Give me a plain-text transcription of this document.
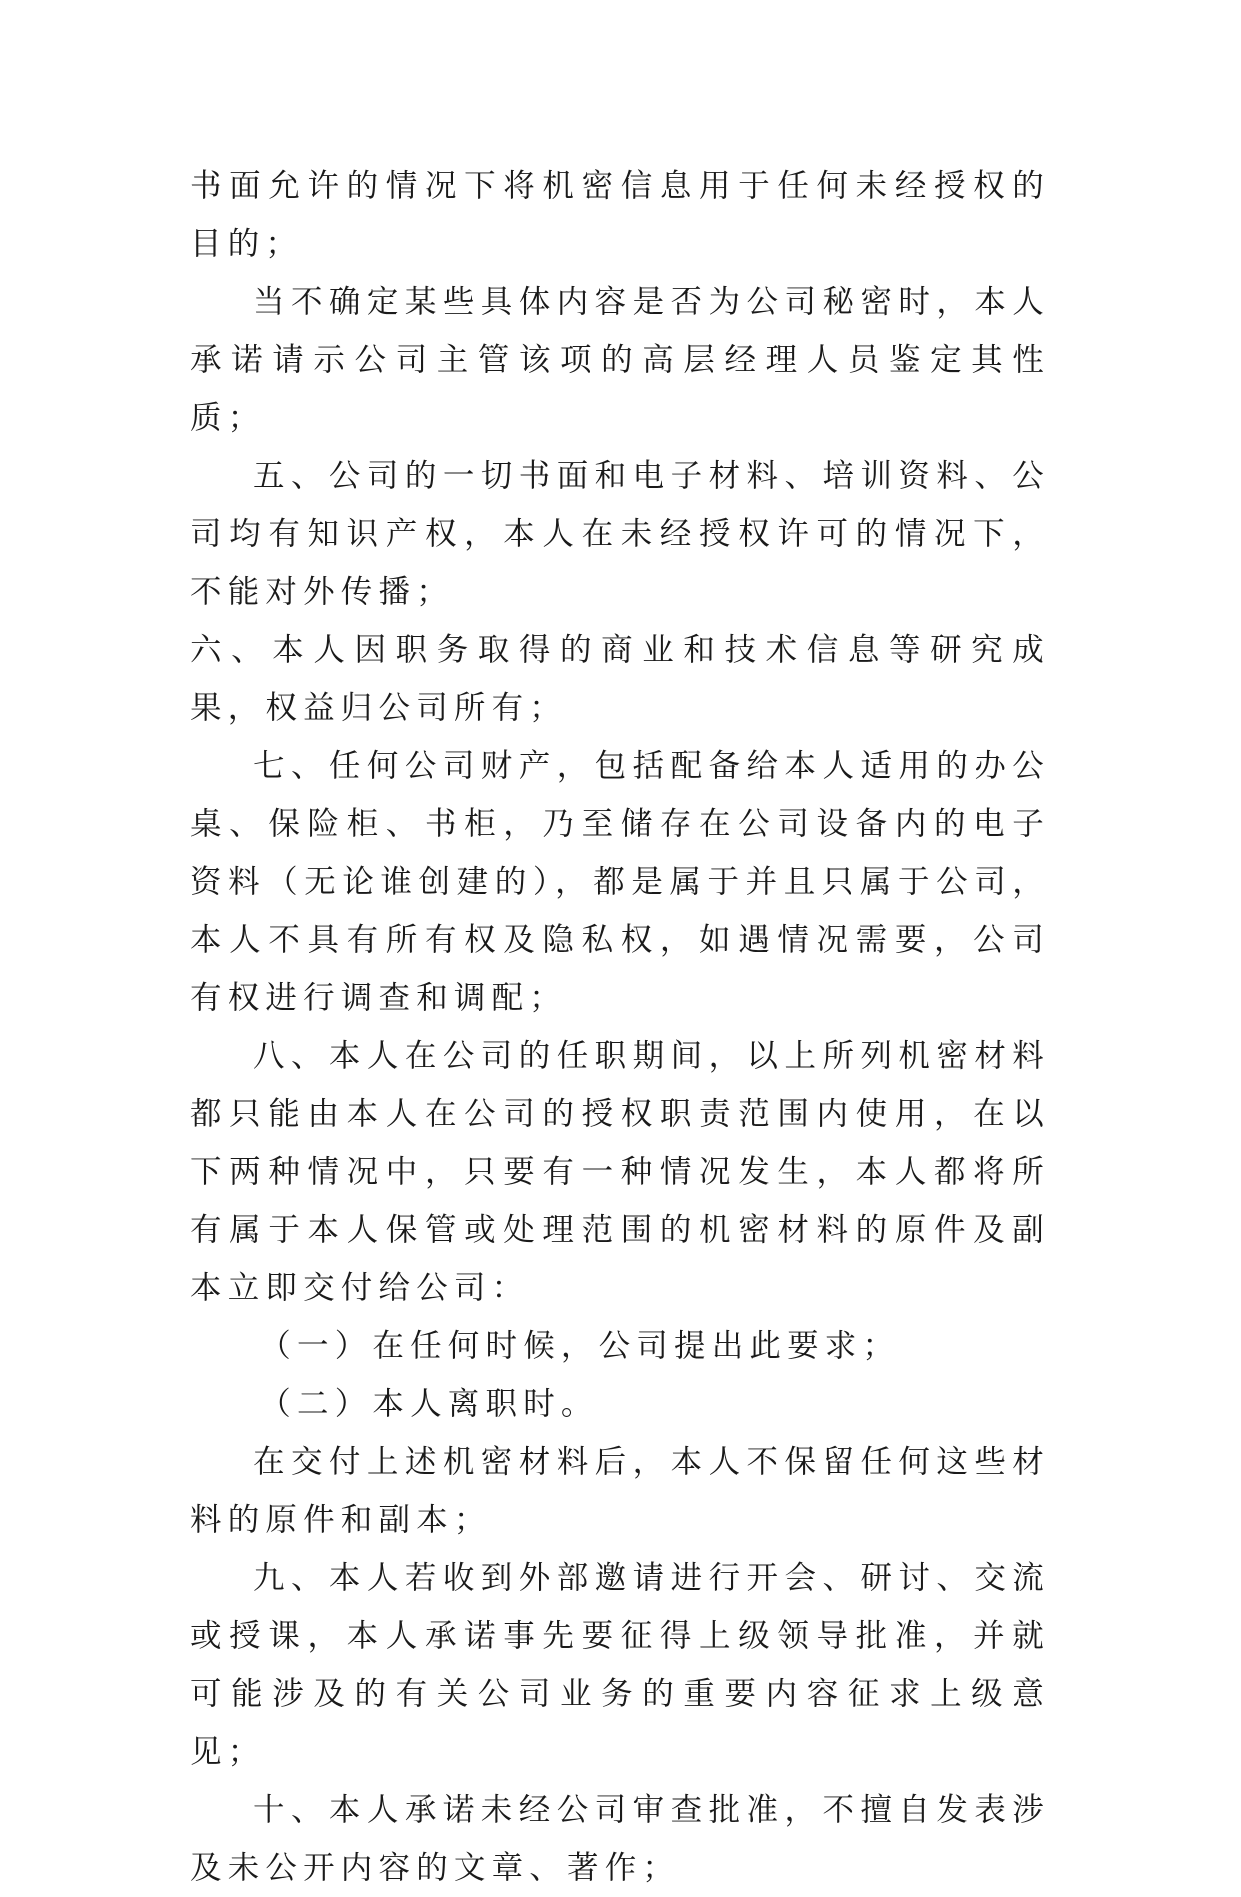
书面允许的情况下将机密信息用于任何未经授权的目的；

当不确定某些具体内容是否为公司秘密时，本人承诺请示公司主管该项的高层经理人员鉴定其性质；

五、公司的一切书面和电子材料、培训资料、公司均有知识产权，本人在未经授权许可的情况下，不能对外传播；

六、本人因职务取得的商业和技术信息等研究成果，权益归公司所有；

七、任何公司财产，包括配备给本人适用的办公桌、保险柜、书柜，乃至储存在公司设备内的电子资料（无论谁创建的），都是属于并且只属于公司，本人不具有所有权及隐私权，如遇情况需要，公司有权进行调查和调配；

八、本人在公司的任职期间，以上所列机密材料都只能由本人在公司的授权职责范围内使用，在以下两种情况中，只要有一种情况发生，本人都将所有属于本人保管或处理范围的机密材料的原件及副本立即交付给公司：

（一）在任何时候，公司提出此要求；

（二）本人离职时。

在交付上述机密材料后，本人不保留任何这些材料的原件和副本；

九、本人若收到外部邀请进行开会、研讨、交流或授课，本人承诺事先要征得上级领导批准，并就可能涉及的有关公司业务的重要内容征求上级意见；

十、本人承诺未经公司审查批准，不擅自发表涉及未公开内容的文章、著作；
